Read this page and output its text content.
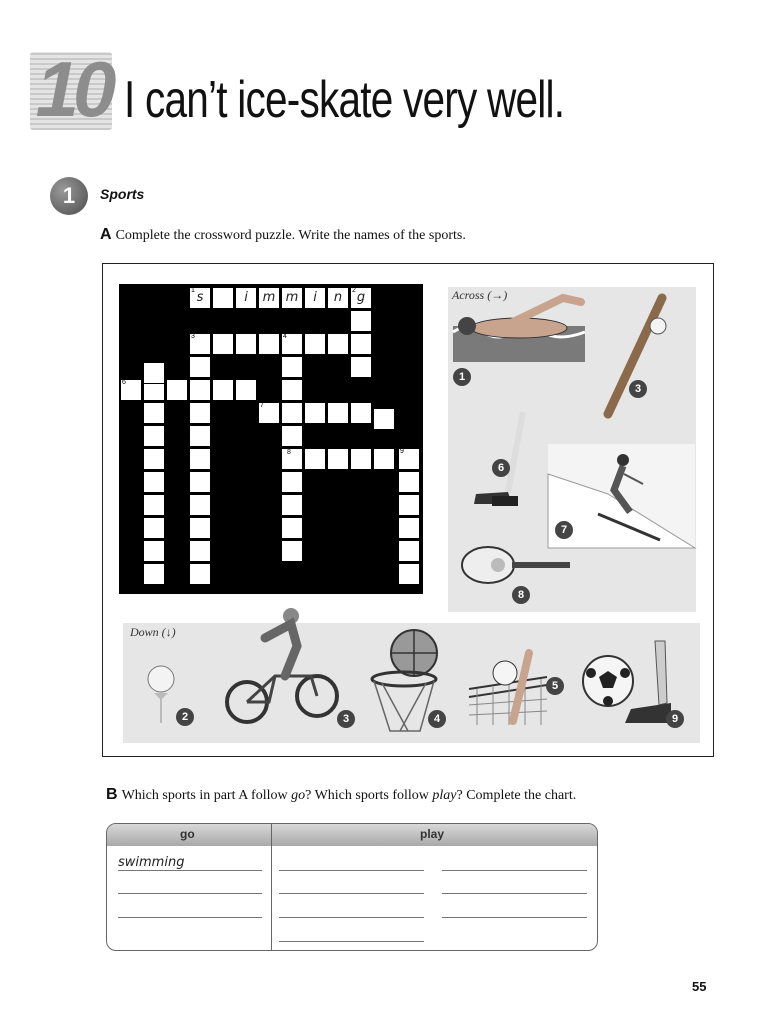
10 I can’t ice-skate very well.
1	Sports
A Complete the crossword puzzle. Write the names of the sports.
1 s	i	m m	i	n	2 g
3	4
6
7
9
8
Across (→)
1
3
6
7
8
Down (↓)
2	3	4
5
9
B Which sports in part A follow go? Which sports follow play? Complete the chart.
go	play
swimming
55
